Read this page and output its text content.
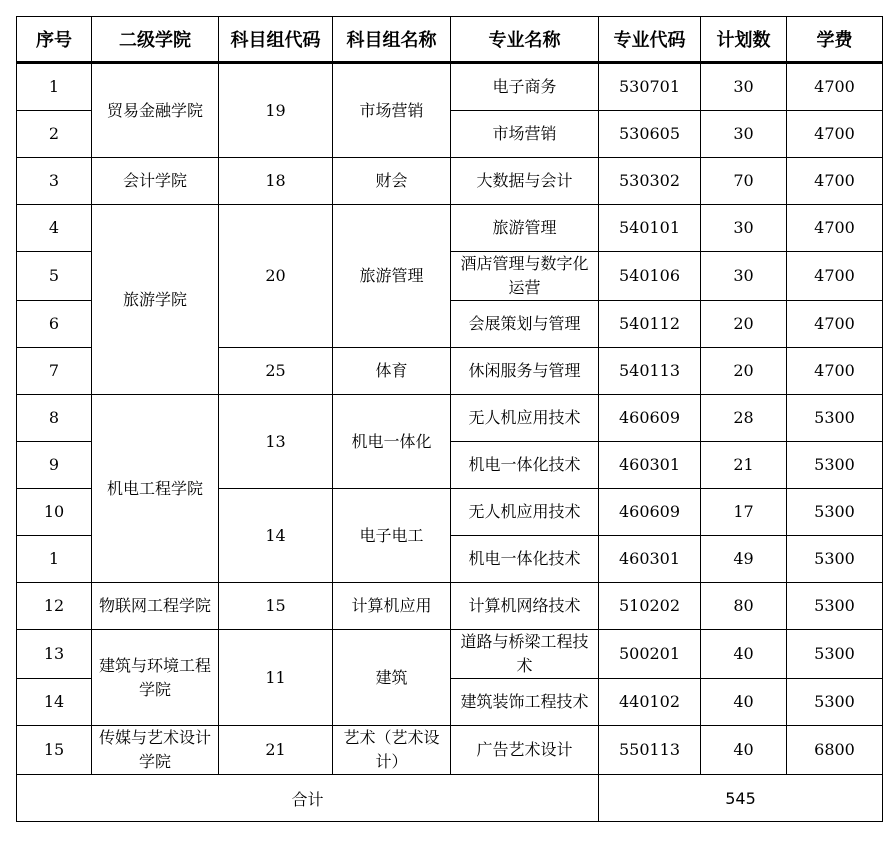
序号	二级学院	科目组代码	科目组名称	专业名称	专业代码	计划数	学费
1	贸易金融学院	19	市场营销	电子商务	530701	30	4700
2				市场营销	530605	30	4700
3	会计学院	18	财会	大数据与会计	530302	70	4700
4	旅游学院	20	旅游管理	旅游管理	540101	30	4700
5				酒店管理与数字化运营	540106	30	4700
6				会展策划与管理	540112	20	4700
7		25	体育	休闲服务与管理	540113	20	4700
8	机电工程学院	13	机电一体化	无人机应用技术	460609	28	5300
9				机电一体化技术	460301	21	5300
10		14	电子电工	无人机应用技术	460609	17	5300
1				机电一体化技术	460301	49	5300
12	物联网工程学院	15	计算机应用	计算机网络技术	510202	80	5300
13	建筑与环境工程学院	11	建筑	道路与桥梁工程技术	500201	40	5300
14				建筑装饰工程技术	440102	40	5300
15	传媒与艺术设计学院	21	艺术（艺术设计）	广告艺术设计	550113	40	6800
合计					545		
